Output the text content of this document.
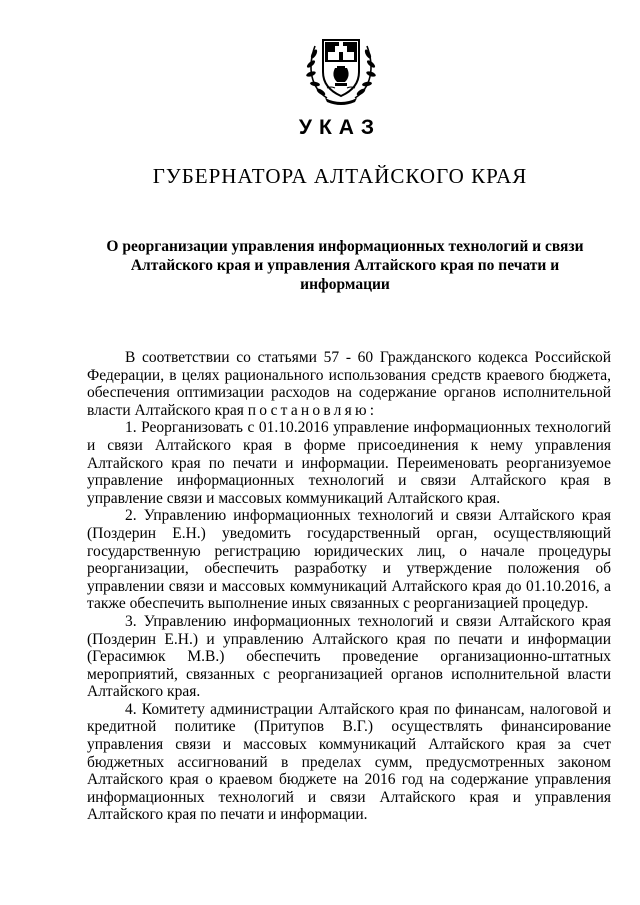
УКАЗ
ГУБЕРНАТОРА АЛТАЙСКОГО КРАЯ
О реорганизации управления информационных технологий и связи Алтайского края и управления Алтайского края по печати и информации

В соответствии со статьями 57 - 60 Гражданского кодекса Российской Федерации, в целях рационального использования средств краевого бюджета, обеспечения оптимизации расходов на содержание органов исполнительной власти Алтайского края постановляю:

1. Реорганизовать с 01.10.2016 управление информационных технологий и связи Алтайского края в форме присоединения к нему управления Алтайского края по печати и информации. Переименовать реорганизуемое управление информационных технологий и связи Алтайского края в управление связи и массовых коммуникаций Алтайского края.

2. Управлению информационных технологий и связи Алтайского края (Поздерин Е.Н.) уведомить государственный орган, осуществляющий государственную регистрацию юридических лиц, о начале процедуры реорганизации, обеспечить разработку и утверждение положения об управлении связи и массовых коммуникаций Алтайского края до 01.10.2016, а также обеспечить выполнение иных связанных с реорганизацией процедур.

3. Управлению информационных технологий и связи Алтайского края (Поздерин Е.Н.) и управлению Алтайского края по печати и информации (Герасимюк М.В.) обеспечить проведение организационно-штатных мероприятий, связанных с реорганизацией органов исполнительной власти Алтайского края.

4. Комитету администрации Алтайского края по финансам, налоговой и кредитной политике (Притупов В.Г.) осуществлять финансирование управления связи и массовых коммуникаций Алтайского края за счет бюджетных ассигнований в пределах сумм, предусмотренных законом Алтайского края о краевом бюджете на 2016 год на содержание управления информационных технологий и связи Алтайского края и управления Алтайского края по печати и информации.
